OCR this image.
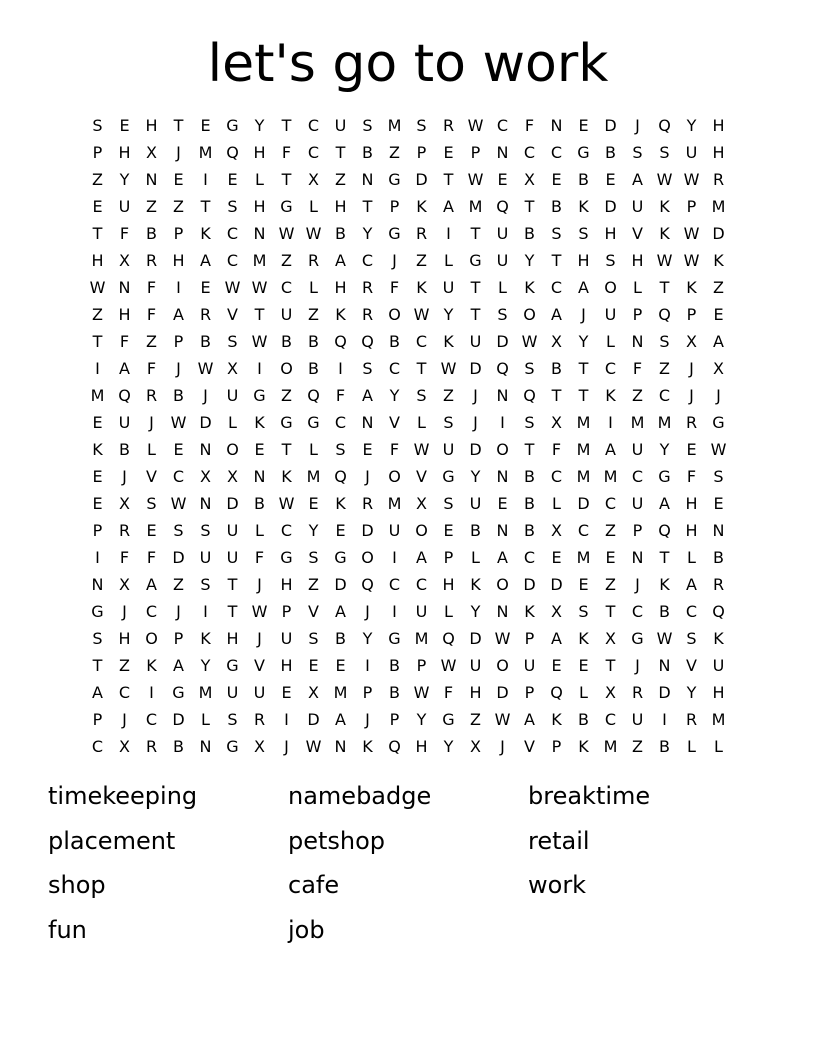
let's go to work
S	E H	T	E G Y	T	C U	S M S	R W C	F	N E D	J	Q Y	H
P	H X	J	M Q H	F	C	T	B	Z	P	E	P	N C C G B	S	S	U H
Z	Y	N E	I	E	L	T	X	Z N G D T W E	X	E	B	E	A W W R
E	U Z	Z	T	S H G	L	H	T	P	K	A M Q T	B	K D U K	P M
T	F	B	P	K	C N W W B	Y G R	I	T	U B	S	S H V	K W D
H X R H A C M Z R A C	J	Z	L	G U	Y	T	H S H W W K
W N	F	I	E W W C	L	H R	F	K U	T	L	K	C A O	L	T	K	Z
Z H	F	A R V	T	U Z	K	R O W Y	T	S O A	J	U	P Q P	E
T	F	Z	P	B	S W B	B Q Q B C	K U D W X	Y	L	N S	X	A
I	A	F	J	W X	I	O B	I	S	C	T W D Q S	B	T	C	F	Z	J	X
M Q R B	J	U G Z Q	F	A	Y	S	Z	J	N Q T	T	K	Z C	J	J
E	U	J	W D	L	K G G C N V	L	S	J	I	S	X M	I	M M R G
K	B	L	E N O E	T	L	S	E	F W U D O T	F M A U	Y	E W
E	J	V C X	X N K M Q	J	O V G Y	N B C M M C G	F	S
E	X	S W N D B W E	K	R M X	S	U	E	B	L	D C U A H E
P	R	E	S	S	U	L	C	Y	E D U O E	B N B	X C Z	P Q H N
I	F	F	D U U	F	G S G O	I	A	P	L	A C	E M E N	T	L	B
N X	A	Z	S	T	J	H Z D Q C C H K O D D E	Z	J	K	A R
G	J	C	J	I	T W P	V	A	J	I	U	L	Y	N K	X	S	T	C B C Q
S H O P	K H	J	U	S	B	Y G M Q D W P	A	K	X G W S	K
T	Z	K	A	Y G V H E	E	I	B	P W U O U	E	E	T	J	N V U
A C	I	G M U U	E	X M P	B W F	H D	P Q	L	X R D Y	H
P	J	C D	L	S	R	I	D A	J	P	Y G Z W A	K	B C U	I	R M
C X R B N G X	J	W N K Q H	Y	X	J	V	P	K M Z	B	L	L
timekeeping	namebadge	breaktime
placement	petshop	retail
shop	cafe	work
fun	job
